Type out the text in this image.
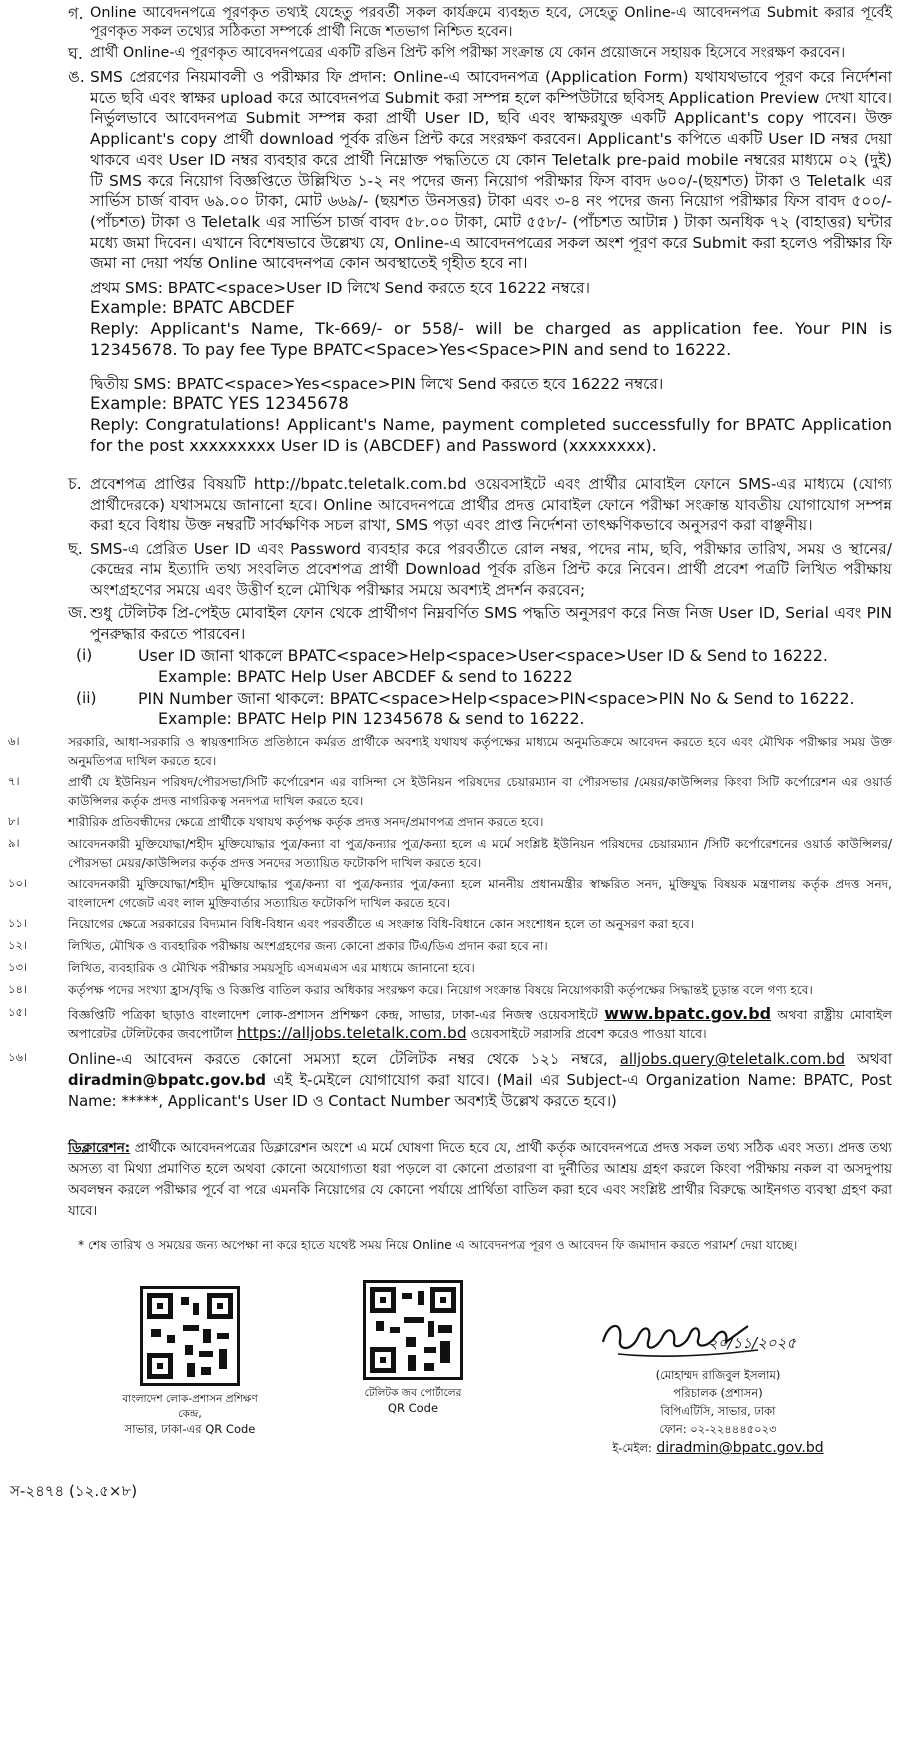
গ. Online আবেদনপত্রে পূরণকৃত তথ্যই যেহেতু পরবর্তী সকল কার্যক্রমে ব্যবহৃত হবে, সেহেতু Online-এ আবেদনপত্র Submit করার পূর্বেই পূরণকৃত সকল তথ্যের সঠিকতা সম্পর্কে প্রার্থী নিজে শতভাগ নিশ্চিত হবেন।
ঘ. প্রার্থী Online-এ পূরণকৃত আবেদনপত্রের একটি রঙিন প্রিন্ট কপি পরীক্ষা সংক্রান্ত যে কোন প্রয়োজনে সহায়ক হিসেবে সংরক্ষণ করবেন।
ঙ. SMS প্রেরণের নিয়মাবলী ও পরীক্ষার ফি প্রদান: Online-এ আবেদনপত্র (Application Form) যথাযথভাবে পূরণ করে নির্দেশনা মতে ছবি এবং স্বাক্ষর upload করে আবেদনপত্র Submit করা সম্পন্ন হলে কম্পিউটারে ছবিসহ Application Preview দেখা যাবে। নির্ভুলভাবে আবেদনপত্র Submit সম্পন্ন করা প্রার্থী User ID, ছবি এবং স্বাক্ষরযুক্ত একটি Applicant's copy পাবেন। উক্ত Applicant's copy প্রার্থী download পূর্বক রঙিন প্রিন্ট করে সংরক্ষণ করবেন। Applicant's কপিতে একটি User ID নম্বর দেয়া থাকবে এবং User ID নম্বর ব্যবহার করে প্রার্থী নিম্নোক্ত পদ্ধতিতে যে কোন Teletalk pre-paid mobile নম্বরের মাধ্যমে ০২ (দুই) টি SMS করে নিয়োগ বিজ্ঞপ্তিতে উল্লিখিত ১-২ নং পদের জন্য নিয়োগ পরীক্ষার ফিস বাবদ ৬০০/-(ছয়শত) টাকা ও Teletalk এর সার্ভিস চার্জ বাবদ ৬৯.০০ টাকা, মোট ৬৬৯/- (ছয়শত উনসত্তর) টাকা এবং ৩-৪ নং পদের জন্য নিয়োগ পরীক্ষার ফিস বাবদ ৫০০/-(পাঁচশত) টাকা ও Teletalk এর সার্ভিস চার্জ বাবদ ৫৮.০০ টাকা, মোট ৫৫৮/- (পাঁচশত আটান্ন ) টাকা অনধিক ৭২ (বাহাত্তর) ঘন্টার মধ্যে জমা দিবেন। এখানে বিশেষভাবে উল্লেখ্য যে, Online-এ আবেদনপত্রের সকল অংশ পূরণ করে Submit করা হলেও পরীক্ষার ফি জমা না দেয়া পর্যন্ত Online আবেদনপত্র কোন অবস্থাতেই গৃহীত হবে না।
প্রথম SMS: BPATC<space>User ID লিখে Send করতে হবে 16222 নম্বরে।
Example: BPATC ABCDEF
Reply: Applicant's Name, Tk-669/- or 558/- will be charged as application fee. Your PIN is 12345678. To pay fee Type BPATC<Space>Yes<Space>PIN and send to 16222.
দ্বিতীয় SMS: BPATC<space>Yes<space>PIN লিখে Send করতে হবে 16222 নম্বরে।
Example: BPATC YES 12345678
Reply: Congratulations! Applicant's Name, payment completed successfully for BPATC Application for the post xxxxxxxxx User ID is (ABCDEF) and Password (xxxxxxxx).
চ. প্রবেশপত্র প্রাপ্তির বিষয়টি http://bpatc.teletalk.com.bd ওয়েবসাইটে এবং প্রার্থীর মোবাইল ফোনে SMS-এর মাধ্যমে (যোগ্য প্রার্থীদেরকে) যথাসময়ে জানানো হবে। Online আবেদনপত্রে প্রার্থীর প্রদত্ত মোবাইল ফোনে পরীক্ষা সংক্রান্ত যাবতীয় যোগাযোগ সম্পন্ন করা হবে বিধায় উক্ত নম্বরটি সার্বক্ষণিক সচল রাখা, SMS পড়া এবং প্রাপ্ত নির্দেশনা তাৎক্ষণিকভাবে অনুসরণ করা বাঞ্ছনীয়।
ছ. SMS-এ প্রেরিত User ID এবং Password ব্যবহার করে পরবর্তীতে রোল নম্বর, পদের নাম, ছবি, পরীক্ষার তারিখ, সময় ও স্থানের/কেন্দ্রের নাম ইত্যাদি তথ্য সংবলিত প্রবেশপত্র প্রার্থী Download পূর্বক রঙিন প্রিন্ট করে নিবেন। প্রার্থী প্রবেশ পত্রটি লিখিত পরীক্ষায় অংশগ্রহণের সময়ে এবং উত্তীর্ণ হলে মৌখিক পরীক্ষার সময়ে অবশ্যই প্রদর্শন করবেন;
জ. শুধু টেলিটক প্রি-পেইড মোবাইল ফোন থেকে প্রার্থীগণ নিম্নবর্ণিত SMS পদ্ধতি অনুসরণ করে নিজ নিজ User ID, Serial এবং PIN পুনরুদ্ধার করতে পারবেন।
(i)	User ID জানা থাকলে BPATC<space>Help<space>User<space>User ID & Send to 16222.
Example: BPATC Help User ABCDEF & send to 16222
(ii)	PIN Number জানা থাকলে: BPATC<space>Help<space>PIN<space>PIN No & Send to 16222.
Example: BPATC Help PIN 12345678 & send to 16222.
৬।	সরকারি, আধা-সরকারি ও স্বায়ত্তশাসিত প্রতিষ্ঠানে কর্মরত প্রার্থীকে অবশ্যই যথাযথ কর্তৃপক্ষের মাধ্যমে অনুমতিক্রমে আবেদন করতে হবে এবং মৌখিক পরীক্ষার সময় উক্ত অনুমতিপত্র দাখিল করতে হবে।
৭।	প্রার্থী যে ইউনিয়ন পরিষদ/পৌরসভা/সিটি কর্পোরেশন এর বাসিন্দা সে ইউনিয়ন পরিষদের চেয়ারম্যান বা পৌরসভার /মেয়র/কাউন্সিলর কিংবা সিটি কর্পোরেশন এর ওয়ার্ড কাউন্সিলর কর্তৃক প্রদত্ত নাগরিকত্ব সনদপত্র দাখিল করতে হবে।
৮।	শারীরিক প্রতিবন্ধীদের ক্ষেত্রে প্রার্থীকে যথাযথ কর্তৃপক্ষ কর্তৃক প্রদত্ত সনদ/প্রমাণপত্র প্রদান করতে হবে।
৯।	আবেদনকারী মুক্তিযোদ্ধা/শহীদ মুক্তিযোদ্ধার পুত্র/কন্যা বা পুত্র/কন্যার পুত্র/কন্যা হলে এ মর্মে সংশ্লিষ্ট ইউনিয়ন পরিষদের চেয়ারম্যান /সিটি কর্পোরেশনের ওয়ার্ড কাউন্সিলর/পৌরসভা মেয়র/কাউন্সিলর কর্তৃক প্রদত্ত সনদের সত্যায়িত ফটোকপি দাখিল করতে হবে।
১০।	আবেদনকারী মুক্তিযোদ্ধা/শহীদ মুক্তিযোদ্ধার পুত্র/কন্যা বা পুত্র/কন্যার পুত্র/কন্যা হলে মাননীয় প্রধানমন্ত্রীর স্বাক্ষরিত সনদ, মুক্তিযুদ্ধ বিষয়ক মন্ত্রণালয় কর্তৃক প্রদত্ত সনদ, বাংলাদেশ গেজেট এবং লাল মুক্তিবার্তার সত্যায়িত ফটোকপি দাখিল করতে হবে।
১১।	নিয়োগের ক্ষেত্রে সরকারের বিদ্যমান বিধি-বিধান এবং পরবর্তীতে এ সংক্রান্ত বিধি-বিধানে কোন সংশোধন হলে তা অনুসরণ করা হবে।
১২।	লিখিত, মৌখিক ও ব্যবহারিক পরীক্ষায় অংশগ্রহণের জন্য কোনো প্রকার টিএ/ডিএ প্রদান করা হবে না।
১৩।	লিখিত, ব্যবহারিক ও মৌখিক পরীক্ষার সময়সূচি এসএমএস এর মাধ্যমে জানানো হবে।
১৪।	কর্তৃপক্ষ পদের সংখ্যা হ্রাস/বৃদ্ধি ও বিজ্ঞপ্তি বাতিল করার অধিকার সংরক্ষণ করে। নিয়োগ সংক্রান্ত বিষয়ে নিয়োগকারী কর্তৃপক্ষের সিদ্ধান্তই চূড়ান্ত বলে গণ্য হবে।
১৫।	বিজ্ঞপ্তিটি পত্রিকা ছাড়াও বাংলাদেশ লোক-প্রশাসন প্রশিক্ষণ কেন্দ্র, সাভার, ঢাকা-এর নিজস্ব ওয়েবসাইটে www.bpatc.gov.bd অথবা রাষ্ট্রীয় মোবাইল অপারেটর টেলিটকের জবপোর্টাল https://alljobs.teletalk.com.bd ওয়েবসাইটে সরাসরি প্রবেশ করেও পাওয়া যাবে।
১৬।	Online-এ আবেদন করতে কোনো সমস্যা হলে টেলিটক নম্বর থেকে ১২১ নম্বরে, alljobs.query@teletalk.com.bd অথবা diradmin@bpatc.gov.bd এই ই-মেইলে যোগাযোগ করা যাবে। (Mail এর Subject-এ Organization Name: BPATC, Post Name: *****, Applicant's User ID ও Contact Number অবশ্যই উল্লেখ করতে হবে।)
ডিক্লারেশন: প্রার্থীকে আবেদনপত্রের ডিক্লারেশন অংশে এ মর্মে ঘোষণা দিতে হবে যে, প্রার্থী কর্তৃক আবেদনপত্রে প্রদত্ত সকল তথ্য সঠিক এবং সত্য। প্রদত্ত তথ্য অসত্য বা মিথ্যা প্রমাণিত হলে অথবা কোনো অযোগ্যতা ধরা পড়লে বা কোনো প্রতারণা বা দুর্নীতির আশ্রয় গ্রহণ করলে কিংবা পরীক্ষায় নকল বা অসদুপায় অবলম্বন করলে পরীক্ষার পূর্বে বা পরে এমনকি নিয়োগের যে কোনো পর্যায়ে প্রার্থিতা বাতিল করা হবে এবং সংশ্লিষ্ট প্রার্থীর বিরুদ্ধে আইনগত ব্যবস্থা গ্রহণ করা যাবে।
* শেষ তারিখ ও সময়ের জন্য অপেক্ষা না করে হাতে যথেষ্ট সময় নিয়ে Online এ আবেদনপত্র পূরণ ও আবেদন ফি জমাদান করতে পরামর্শ দেয়া যাচ্ছে।
বাংলাদেশ লোক-প্রশাসন প্রশিক্ষণ কেন্দ্র,
সাভার, ঢাকা-এর QR Code
টেলিটক জব পোর্টালের
QR Code
২০/১১/২০২৫
(মোহাম্মদ রাজিবুল ইসলাম)
পরিচালক (প্রশাসন)
বিপিএটিসি, সাভার, ঢাকা
ফোন: ০২-২২৪৪৪৫০২৩
ই-মেইল: diradmin@bpatc.gov.bd
স-২৪৭৪ (১২.৫×৮)
